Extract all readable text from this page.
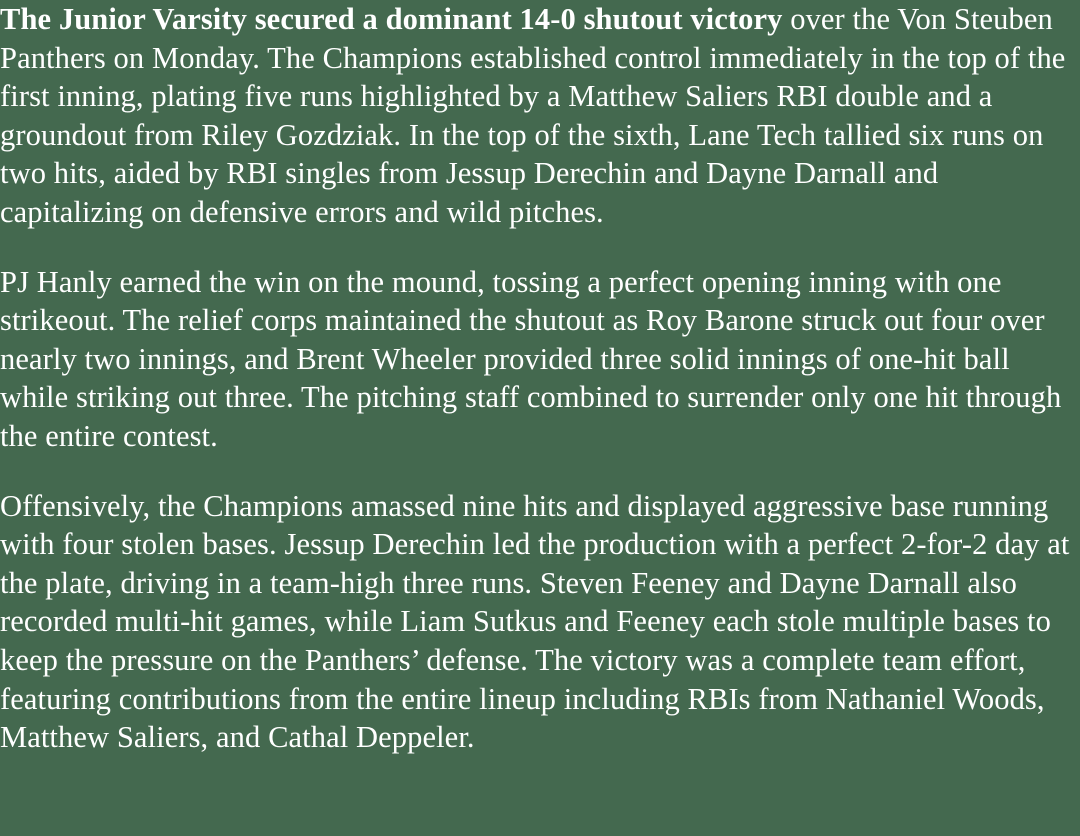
The Junior Varsity secured a dominant 14-0 shutout victory over the Von Steuben Panthers on Monday. The Champions established control immediately in the top of the first inning, plating five runs highlighted by a Matthew Saliers RBI double and a groundout from Riley Gozdziak. In the top of the sixth, Lane Tech tallied six runs on two hits, aided by RBI singles from Jessup Derechin and Dayne Darnall and capitalizing on defensive errors and wild pitches.

PJ Hanly earned the win on the mound, tossing a perfect opening inning with one strikeout. The relief corps maintained the shutout as Roy Barone struck out four over nearly two innings, and Brent Wheeler provided three solid innings of one-hit ball while striking out three. The pitching staff combined to surrender only one hit through the entire contest.

Offensively, the Champions amassed nine hits and displayed aggressive base running with four stolen bases. Jessup Derechin led the production with a perfect 2-for-2 day at the plate, driving in a team-high three runs. Steven Feeney and Dayne Darnall also recorded multi-hit games, while Liam Sutkus and Feeney each stole multiple bases to keep the pressure on the Panthers’ defense. The victory was a complete team effort, featuring contributions from the entire lineup including RBIs from Nathaniel Woods, Matthew Saliers, and Cathal Deppeler.
